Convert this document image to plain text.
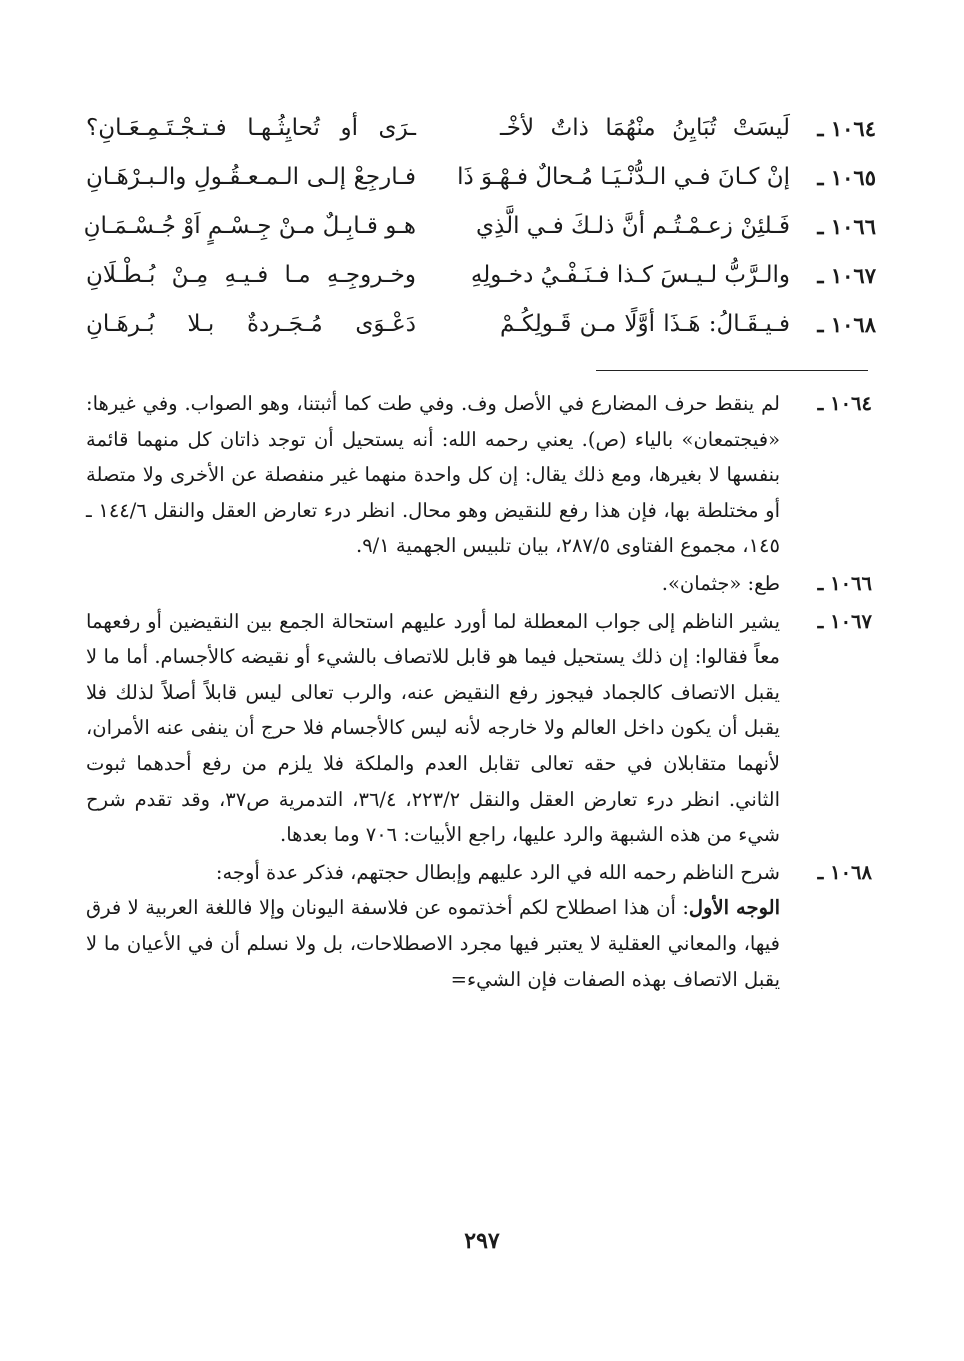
١٠٦٤ ـ
لَيسَتْ تُبَايِنُ منْهُمَا ذاتٌ لأخْـ
ـرَى أو تُحايِثُـهـا فـتـجْـتَـمِـعَـانِ؟
١٠٦٥ ـ
إنْ كـانَ فـي الـدُّنْـيَـا مُـحالٌ فـهْـوَ ذَا
فـارجِعْ إلـى الـمـعـقُـولِ والـبـرْهَـانِ
١٠٦٦ ـ
فَـلئِنْ زعـمْـتُـم أنَّ ذلـكَ فـي الَّذِي
هـو قـابِـلٌ مـنْ جِـسْـمٍ اَوْ جُـسْـمَـانِ
١٠٦٧ ـ
والـرَّبُّ لـيـسَ كـذا فـنَـفْـيُ دخـولِهِ
وخـروجِـهِ مـا فـيـهِ مِـنْ بُـطْـلَانِ
١٠٦٨ ـ
فـيـقَـالُ: هَـذَا أوَّلًا مـن قَـولِكُـمْ
دَعْـوَى مُـجَـردةٌ بـلا بُـرهَـانِ
١٠٦٤ ـ
لم ينقط حرف المضارع في الأصل وف. وفي طت كما أثبتنا، وهو الصواب. وفي غيرها: «فيجتمعان» بالياء (ص). يعني رحمه الله: أنه يستحيل أن توجد ذاتان كل منهما قائمة بنفسها لا بغيرها، ومع ذلك يقال: إن كل واحدة منهما غير منفصلة عن الأخرى ولا متصلة أو مختلطة بها، فإن هذا رفع للنقيض وهو محال. انظر درء تعارض العقل والنقل ١٤٤/٦ ـ ١٤٥، مجموع الفتاوى ٢٨٧/٥، بيان تلبيس الجهمية ٩/١.
١٠٦٦ ـ
طع: «جثمان».
١٠٦٧ ـ
يشير الناظم إلى جواب المعطلة لما أورد عليهم استحالة الجمع بين النقيضين أو رفعهما معاً فقالوا: إن ذلك يستحيل فيما هو قابل للاتصاف بالشيء أو نقيضه كالأجسام. أما ما لا يقبل الاتصاف كالجماد فيجوز رفع النقيض عنه، والرب تعالى ليس قابلاً أصلاً لذلك فلا يقبل أن يكون داخل العالم ولا خارجه لأنه ليس كالأجسام فلا حرج أن ينفى عنه الأمران، لأنهما متقابلان في حقه تعالى تقابل العدم والملكة فلا يلزم من رفع أحدهما ثبوت الثاني. انظر درء تعارض العقل والنقل ٢٢٣/٢، ٣٦/٤، التدمرية ص٣٧، وقد تقدم شرح شيء من هذه الشبهة والرد عليها، راجع الأبيات: ٧٠٦ وما بعدها.
١٠٦٨ ـ
شرح الناظم رحمه الله في الرد عليهم وإبطال حجتهم، فذكر عدة أوجه:
الوجه الأول: أن هذا اصطلاح لكم أخذتموه عن فلاسفة اليونان وإلا فاللغة العربية لا فرق فيها، والمعاني العقلية لا يعتبر فيها مجرد الاصطلاحات، بل ولا نسلم أن في الأعيان ما لا يقبل الاتصاف بهذه الصفات فإن الشيء=
٢٩٧
